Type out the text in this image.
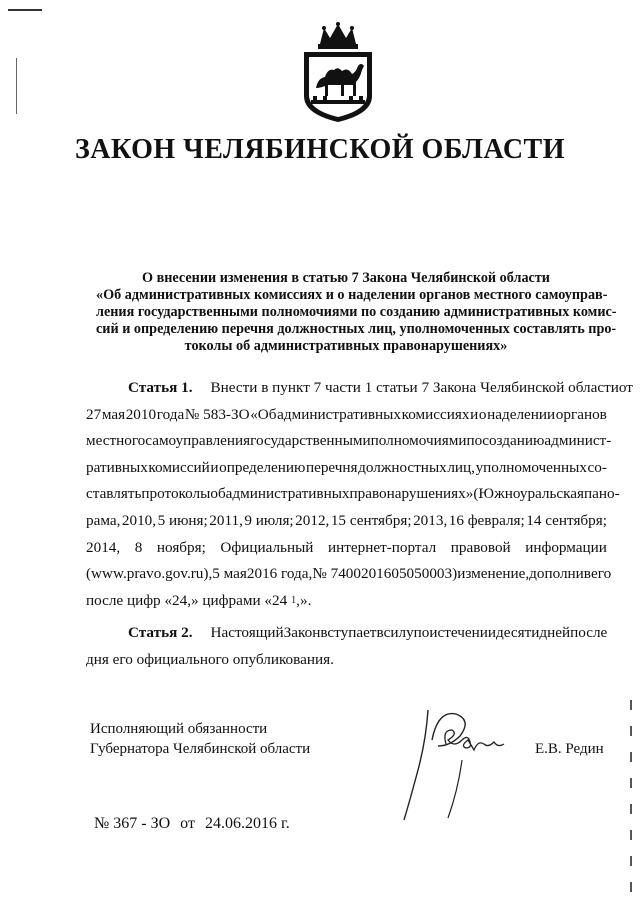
ЗАКОН ЧЕЛЯБИНСКОЙ ОБЛАСТИ
О внесении изменения в статью 7 Закона Челябинской области
«Об административных комиссиях и о наделении органов местного самоуправ-
ления государственными полномочиями по созданию административных комис-
сий и определению перечня должностных лиц, уполномоченных составлять про-
токолы об административных правонарушениях»
Статья 1. Внести в пункт 7 части 1 статьи 7 Закона Челябинской области от
27 мая 2010 года № 583-ЗО «Об административных комиссиях и о наделении органов
местного самоуправления государственными полномочиями по созданию админист-
ративных комиссий и определению перечня должностных лиц, уполномоченных со-
ставлять протоколы об административных правонарушениях» (Южноуральская пано-
рама, 2010, 5 июня; 2011, 9 июля; 2012, 15 сентября; 2013, 16 февраля; 14 сентября;
2014, 8 ноября; Официальный интернет-портал правовой информации
(www.pravo.gov.ru), 5 мая 2016 года, № 7400201605050003) изменение, дополнив его
после цифр «24,» цифрами «24 1 ,».
Статья 2. Настоящий Закон вступает в силу по истечении десяти дней после
дня его официального опубликования.
Исполняющий обязанности
Губернатора Челябинской области	Е.В. Редин
№ 367 - ЗО от 24.06.2016 г.
